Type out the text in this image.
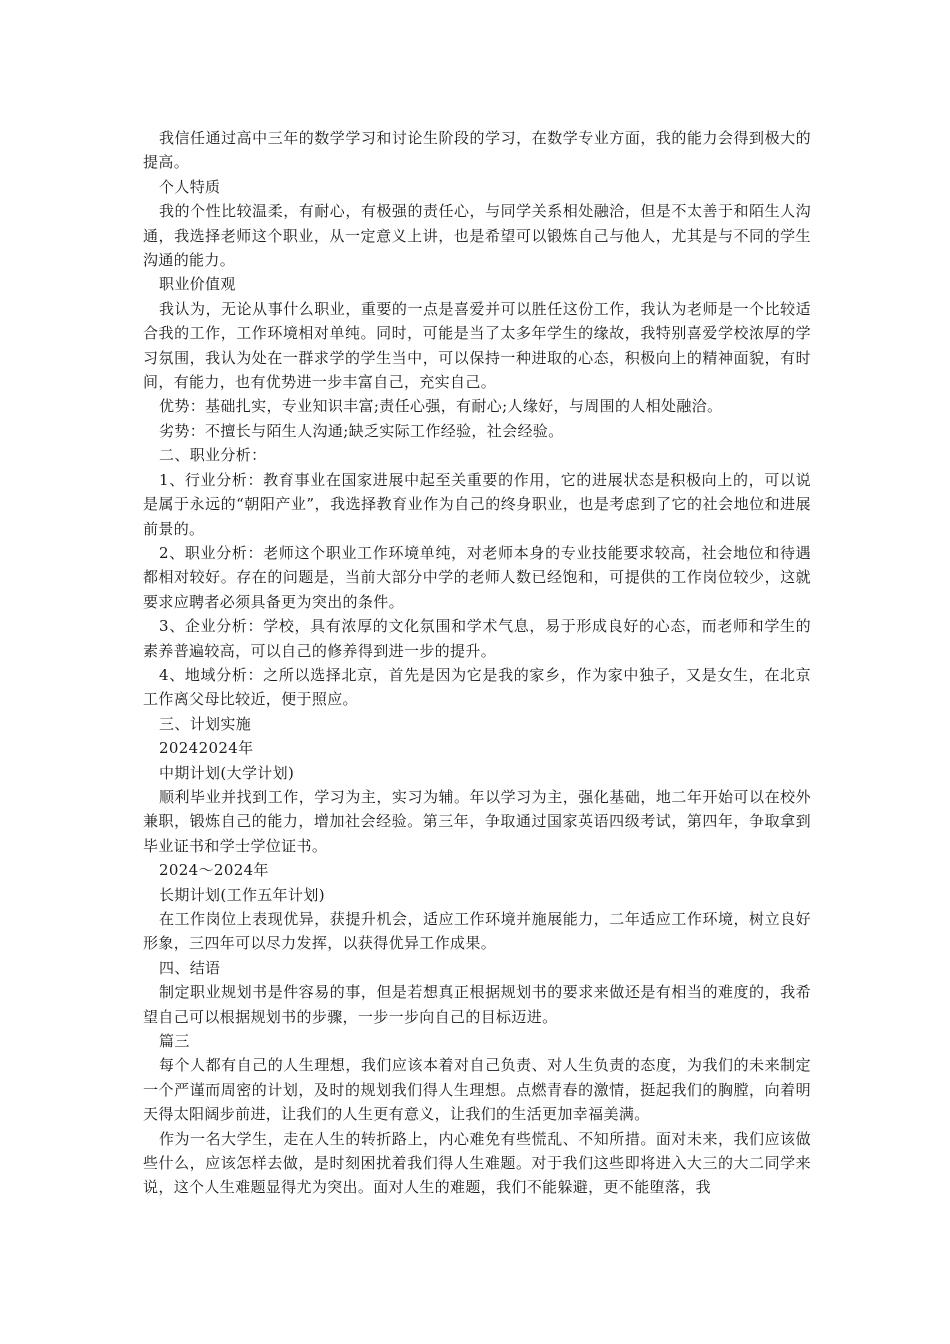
我信任通过高中三年的数学学习和讨论生阶段的学习，在数学专业方面，我的能力会得到极大的提高。

个人特质

我的个性比较温柔，有耐心，有极强的责任心，与同学关系相处融洽，但是不太善于和陌生人沟通，我选择老师这个职业，从一定意义上讲，也是希望可以锻炼自己与他人，尤其是与不同的学生沟通的能力。

职业价值观

我认为，无论从事什么职业，重要的一点是喜爱并可以胜任这份工作，我认为老师是一个比较适合我的工作，工作环境相对单纯。同时，可能是当了太多年学生的缘故，我特别喜爱学校浓厚的学习氛围，我认为处在一群求学的学生当中，可以保持一种进取的心态，积极向上的精神面貌，有时间，有能力，也有优势进一步丰富自己，充实自己。

优势：基础扎实，专业知识丰富;责任心强，有耐心;人缘好，与周围的人相处融洽。

劣势：不擅长与陌生人沟通;缺乏实际工作经验，社会经验。

二、职业分析：

1、行业分析：教育事业在国家进展中起至关重要的作用，它的进展状态是积极向上的，可以说是属于永远的“朝阳产业”，我选择教育业作为自己的终身职业，也是考虑到了它的社会地位和进展前景的。

2、职业分析：老师这个职业工作环境单纯，对老师本身的专业技能要求较高，社会地位和待遇都相对较好。存在的问题是，当前大部分中学的老师人数已经饱和，可提供的工作岗位较少，这就要求应聘者必须具备更为突出的条件。

3、企业分析：学校，具有浓厚的文化氛围和学术气息，易于形成良好的心态，而老师和学生的素养普遍较高，可以自己的修养得到进一步的提升。

4、地域分析：之所以选择北京，首先是因为它是我的家乡，作为家中独子，又是女生，在北京工作离父母比较近，便于照应。

三、计划实施

20242024年

中期计划(大学计划)

顺利毕业并找到工作，学习为主，实习为辅。年以学习为主，强化基础，地二年开始可以在校外兼职，锻炼自己的能力，增加社会经验。第三年，争取通过国家英语四级考试，第四年，争取拿到毕业证书和学士学位证书。

2024～2024年

长期计划(工作五年计划)

在工作岗位上表现优异，获提升机会，适应工作环境并施展能力，二年适应工作环境，树立良好形象，三四年可以尽力发挥，以获得优异工作成果。

四、结语

制定职业规划书是件容易的事，但是若想真正根据规划书的要求来做还是有相当的难度的，我希望自己可以根据规划书的步骤，一步一步向自己的目标迈进。

篇三

每个人都有自己的人生理想，我们应该本着对自己负责、对人生负责的态度，为我们的未来制定一个严谨而周密的计划，及时的规划我们得人生理想。点燃青春的激情，挺起我们的胸膛，向着明天得太阳阔步前进，让我们的人生更有意义，让我们的生活更加幸福美满。

作为一名大学生，走在人生的转折路上，内心难免有些慌乱、不知所措。面对未来，我们应该做些什么，应该怎样去做，是时刻困扰着我们得人生难题。对于我们这些即将进入大三的大二同学来说，这个人生难题显得尤为突出。面对人生的难题，我们不能躲避，更不能堕落，我
